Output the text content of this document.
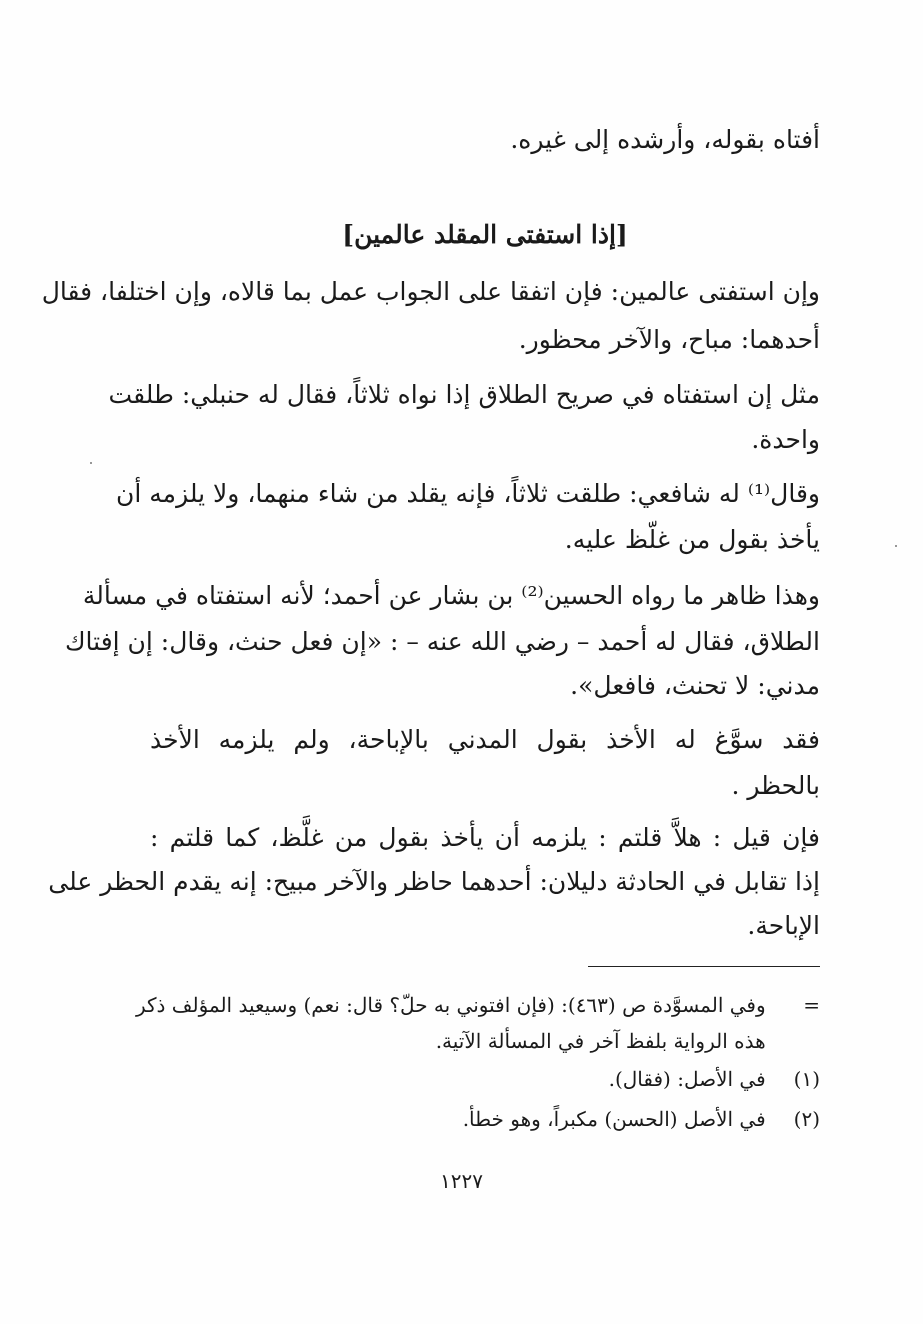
أفتاه بقوله، وأرشده إلى غيره.
[إذا استفتى المقلد عالمين]
وإن استفتى عالمين: فإن اتفقا على الجواب عمل بما قالاه، وإن اختلفا، فقال
أحدهما: مباح، والآخر محظور.
مثل إن استفتاه في صريح الطلاق إذا نواه ثلاثاً، فقال له حنبلي: طلقت
واحدة.
وقال⁽¹⁾ له شافعي: طلقت ثلاثاً، فإنه يقلد من شاء منهما، ولا يلزمه أن
يأخذ بقول من غلّظ عليه.
وهذا ظاهر ما رواه الحسين⁽²⁾ بن بشار عن أحمد؛ لأنه استفتاه في مسألة
الطلاق، فقال له أحمد – رضي الله عنه – : «إن فعل حنث، وقال: إن إفتاك
مدني: لا تحنث، فافعل».
فقد سوَّغ له الأخذ بقول المدني بالإباحة، ولم يلزمه الأخذ
بالحظر .
فإن قيل : هلاَّ قلتم : يلزمه أن يأخذ بقول من غلَّظ، كما قلتم :
إذا تقابل في الحادثة دليلان: أحدهما حاظر والآخر مبيح: إنه يقدم الحظر على
الإباحة.
= وفي المسوَّدة ص (٤٦٣): (فإن افتوني به حلّ؟ قال: نعم) وسيعيد المؤلف ذكر
هذه الرواية بلفظ آخر في المسألة الآتية.
(١) في الأصل: (فقال).
(٢) في الأصل (الحسن) مكبراً، وهو خطأ.
١٢٢٧
